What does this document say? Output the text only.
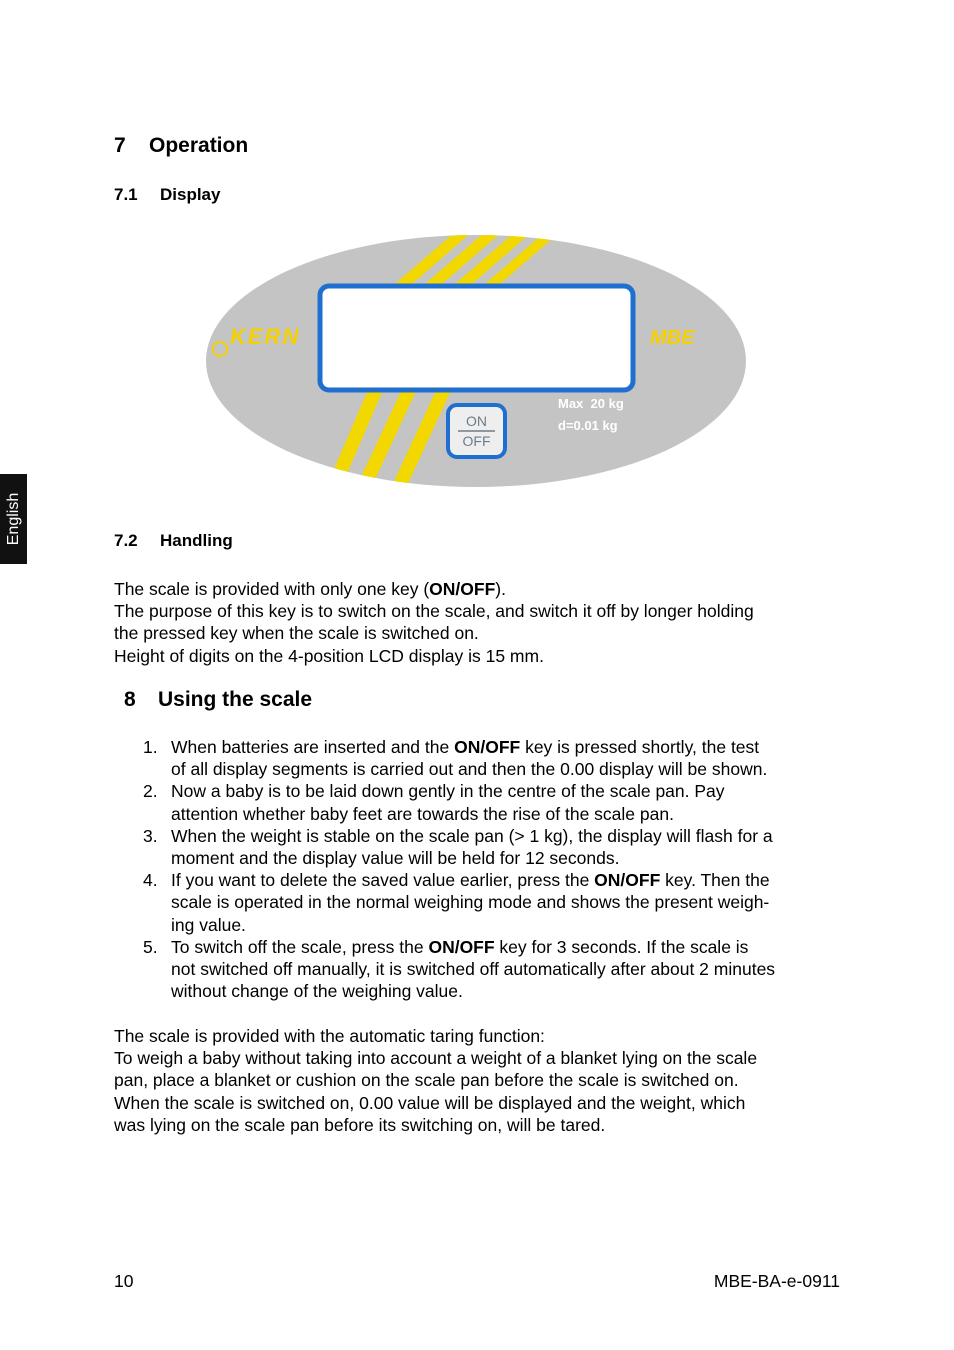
English
7 Operation
7.1 Display
KERN	MBE
ON
OFF
Max  20 kg
d=0.01 kg
7.2 Handling
The scale is provided with only one key (ON/OFF).
The purpose of this key is to switch on the scale, and switch it off by longer holding
the pressed key when the scale is switched on.
Height of digits on the 4-position LCD display is 15 mm.
8 Using the scale
1. When batteries are inserted and the ON/OFF key is pressed shortly, the test
of all display segments is carried out and then the 0.00 display will be shown.
2. Now a baby is to be laid down gently in the centre of the scale pan. Pay
attention whether baby feet are towards the rise of the scale pan.
3. When the weight is stable on the scale pan (> 1 kg), the display will flash for a
moment and the display value will be held for 12 seconds.
4. If you want to delete the saved value earlier, press the ON/OFF key. Then the
scale is operated in the normal weighing mode and shows the present weigh-
ing value.
5. To switch off the scale, press the ON/OFF key for 3 seconds. If the scale is
not switched off manually, it is switched off automatically after about 2 minutes
without change of the weighing value.
The scale is provided with the automatic taring function:
To weigh a baby without taking into account a weight of a blanket lying on the scale
pan, place a blanket or cushion on the scale pan before the scale is switched on.
When the scale is switched on, 0.00 value will be displayed and the weight, which
was lying on the scale pan before its switching on, will be tared.
10	MBE-BA-e-0911
